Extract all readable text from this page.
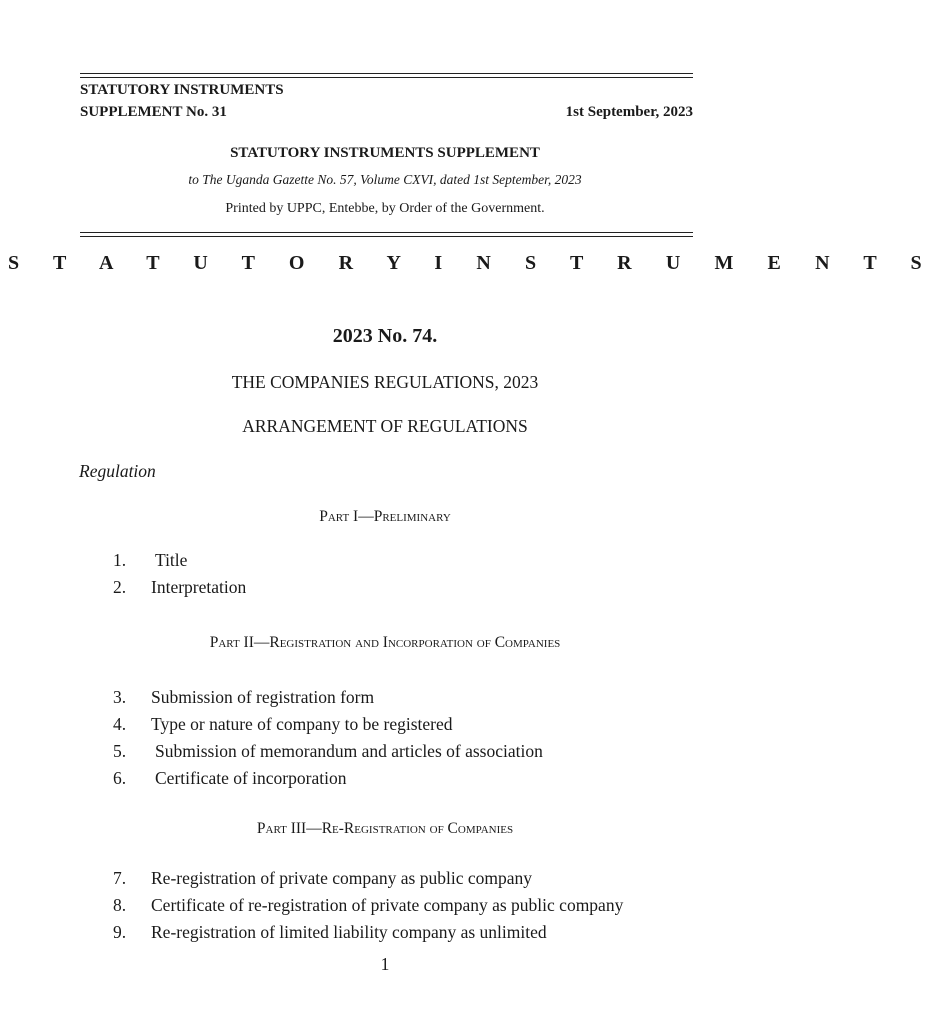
STATUTORY INSTRUMENTS
SUPPLEMENT No. 31	1st September, 2023
STATUTORY INSTRUMENTS SUPPLEMENT
to The Uganda Gazette No. 57, Volume CXVI, dated 1st September, 2023
Printed by UPPC, Entebbe, by Order of the Government.
S T A T U T O R Y I N S T R U M E N T S
2023 No. 74.
THE COMPANIES REGULATIONS, 2023
ARRANGEMENT OF REGULATIONS
Regulation
Part I—Preliminary
1. Title
2. Interpretation
Part II—Registration and Incorporation of Companies
3. Submission of registration form
4. Type or nature of company to be registered
5. Submission of memorandum and articles of association
6. Certificate of incorporation
Part III—Re-Registration of Companies
7. Re-registration of private company as public company
8. Certificate of re-registration of private company as public company
9. Re-registration of limited liability company as unlimited
1
